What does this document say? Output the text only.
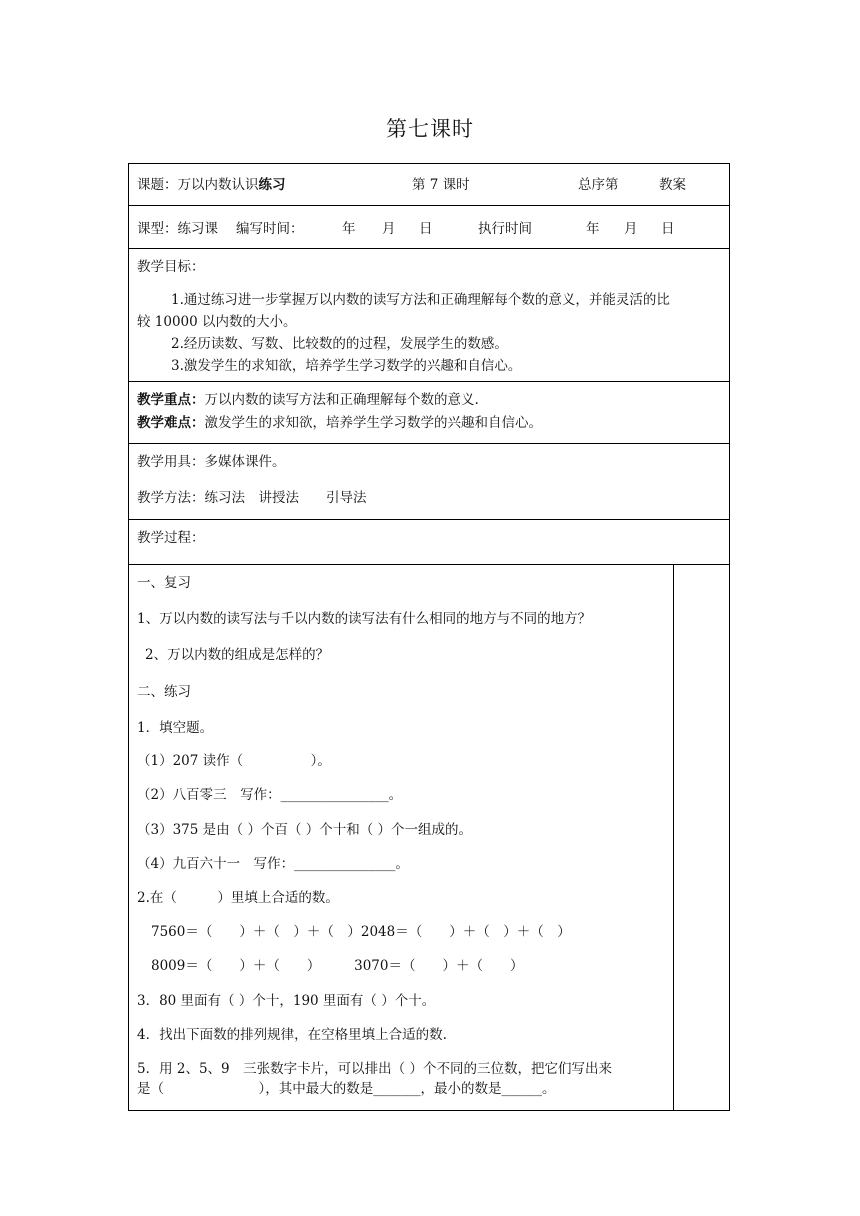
第七课时
课题：万以内数认识练习	第 7 课时	总序第	教案
课型：练习课 编写时间：	年 月 日	执行时间	年 月 日
教学目标：
1.通过练习进一步掌握万以内数的读写方法和正确理解每个数的意义，并能灵活的比
较 10000 以内数的大小。
2.经历读数、写数、比较数的的过程，发展学生的数感。
3.激发学生的求知欲，培养学生学习数学的兴趣和自信心。
教学重点：万以内数的读写方法和正确理解每个数的意义.
教学难点：激发学生的求知欲，培养学生学习数学的兴趣和自信心。
教学用具：多媒体课件。
教学方法：练习法　讲授法　　引导法
教学过程：
一、复习
1、万以内数的读写法与千以内数的读写法有什么相同的地方与不同的地方？
2、万以内数的组成是怎样的？
二、练习
1．填空题。
（1）207 读作（　　　　　）。
（2）八百零三　写作：________________。
（3）375 是由（ ）个百（ ）个十和（ ）个一组成的。
（4）九百六十一　写作：_______________。
2.在（　　　）里填上合适的数。
7560＝（　　）＋（　）＋（　）2048＝（　　）＋（　）＋（　）
8009＝（　　）＋（　　）　　　3070＝（　　）＋（　　）
3．80 里面有（ ）个十，190 里面有（ ）个十。
4．找出下面数的排列规律，在空格里填上合适的数.
5．用 2、5、9　三张数字卡片，可以排出（ ）个不同的三位数，把它们写出来
是（　　　　　　　），其中最大的数是_______，最小的数是______。
